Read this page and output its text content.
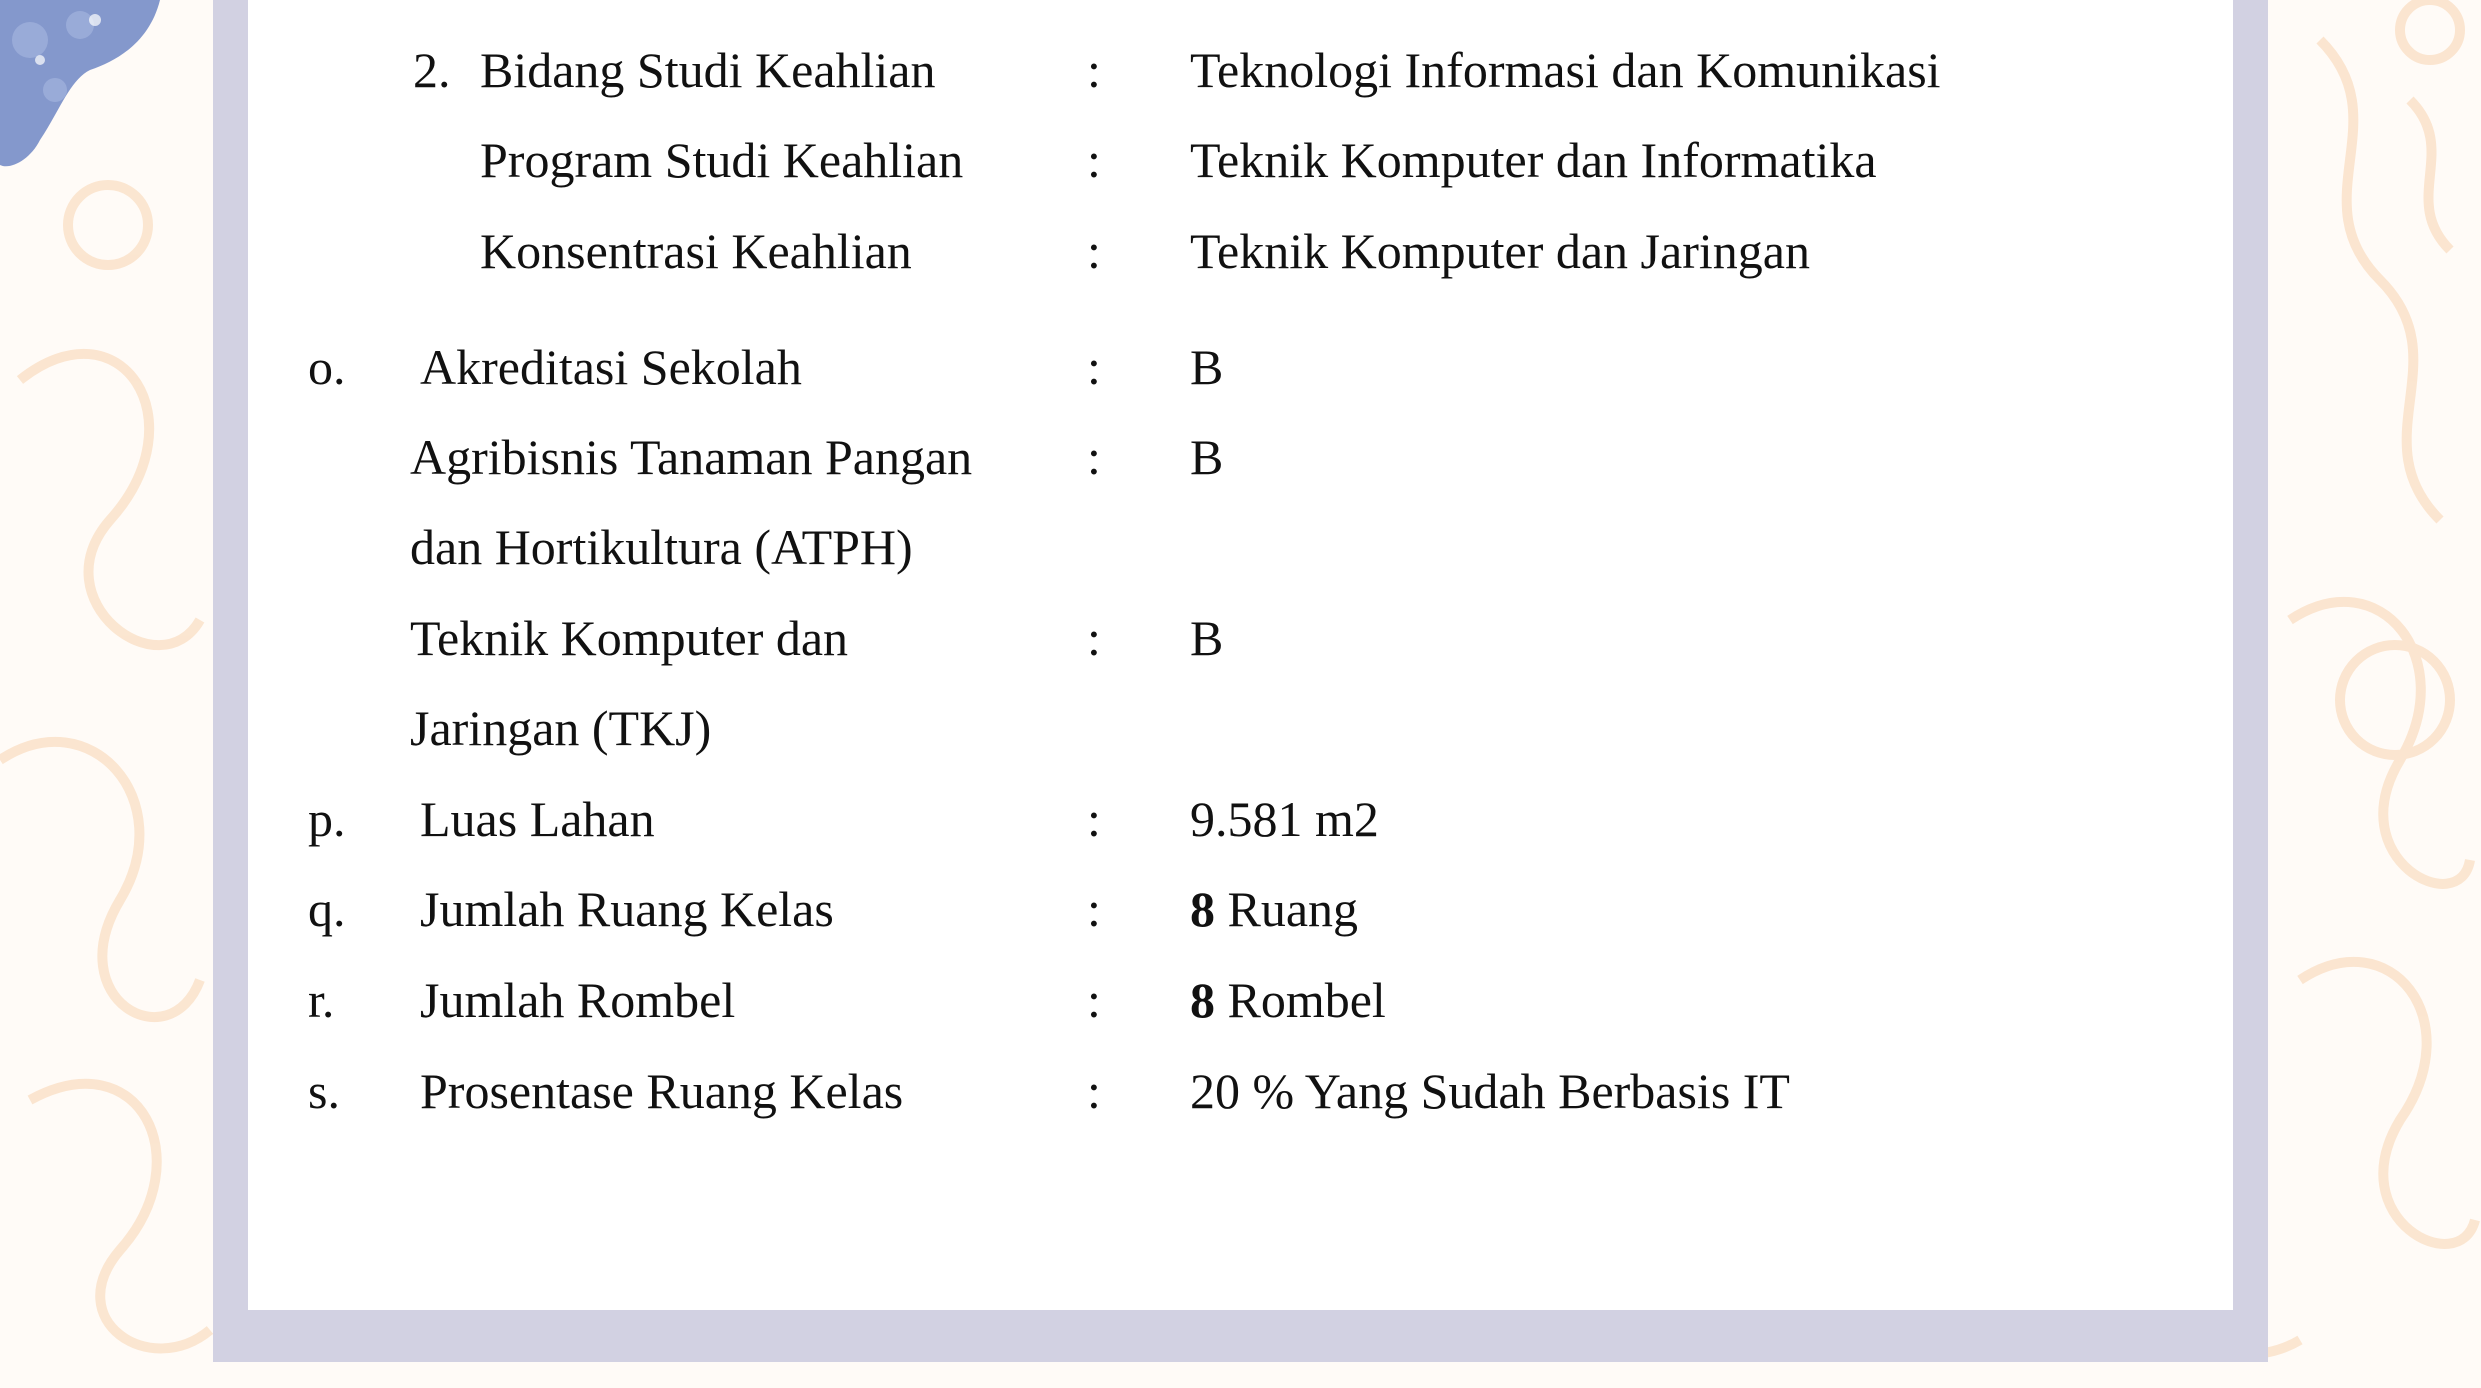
2. Bidang Studi Keahlian	: Teknologi Informasi dan Komunikasi
Program Studi Keahlian : Teknik Komputer dan Informatika
Konsentrasi Keahlian	: Teknik Komputer dan Jaringan
o. Akreditasi Sekolah	: B
Agribisnis Tanaman Pangan : B
dan Hortikultura (ATPH)
Teknik Komputer dan	: B
Jaringan (TKJ)
p. Luas Lahan	: 9.581 m2
q. Jumlah Ruang Kelas	: 8 Ruang
r. Jumlah Rombel	: 8 Rombel
s. Prosentase Ruang Kelas	: 20 % Yang Sudah Berbasis IT
